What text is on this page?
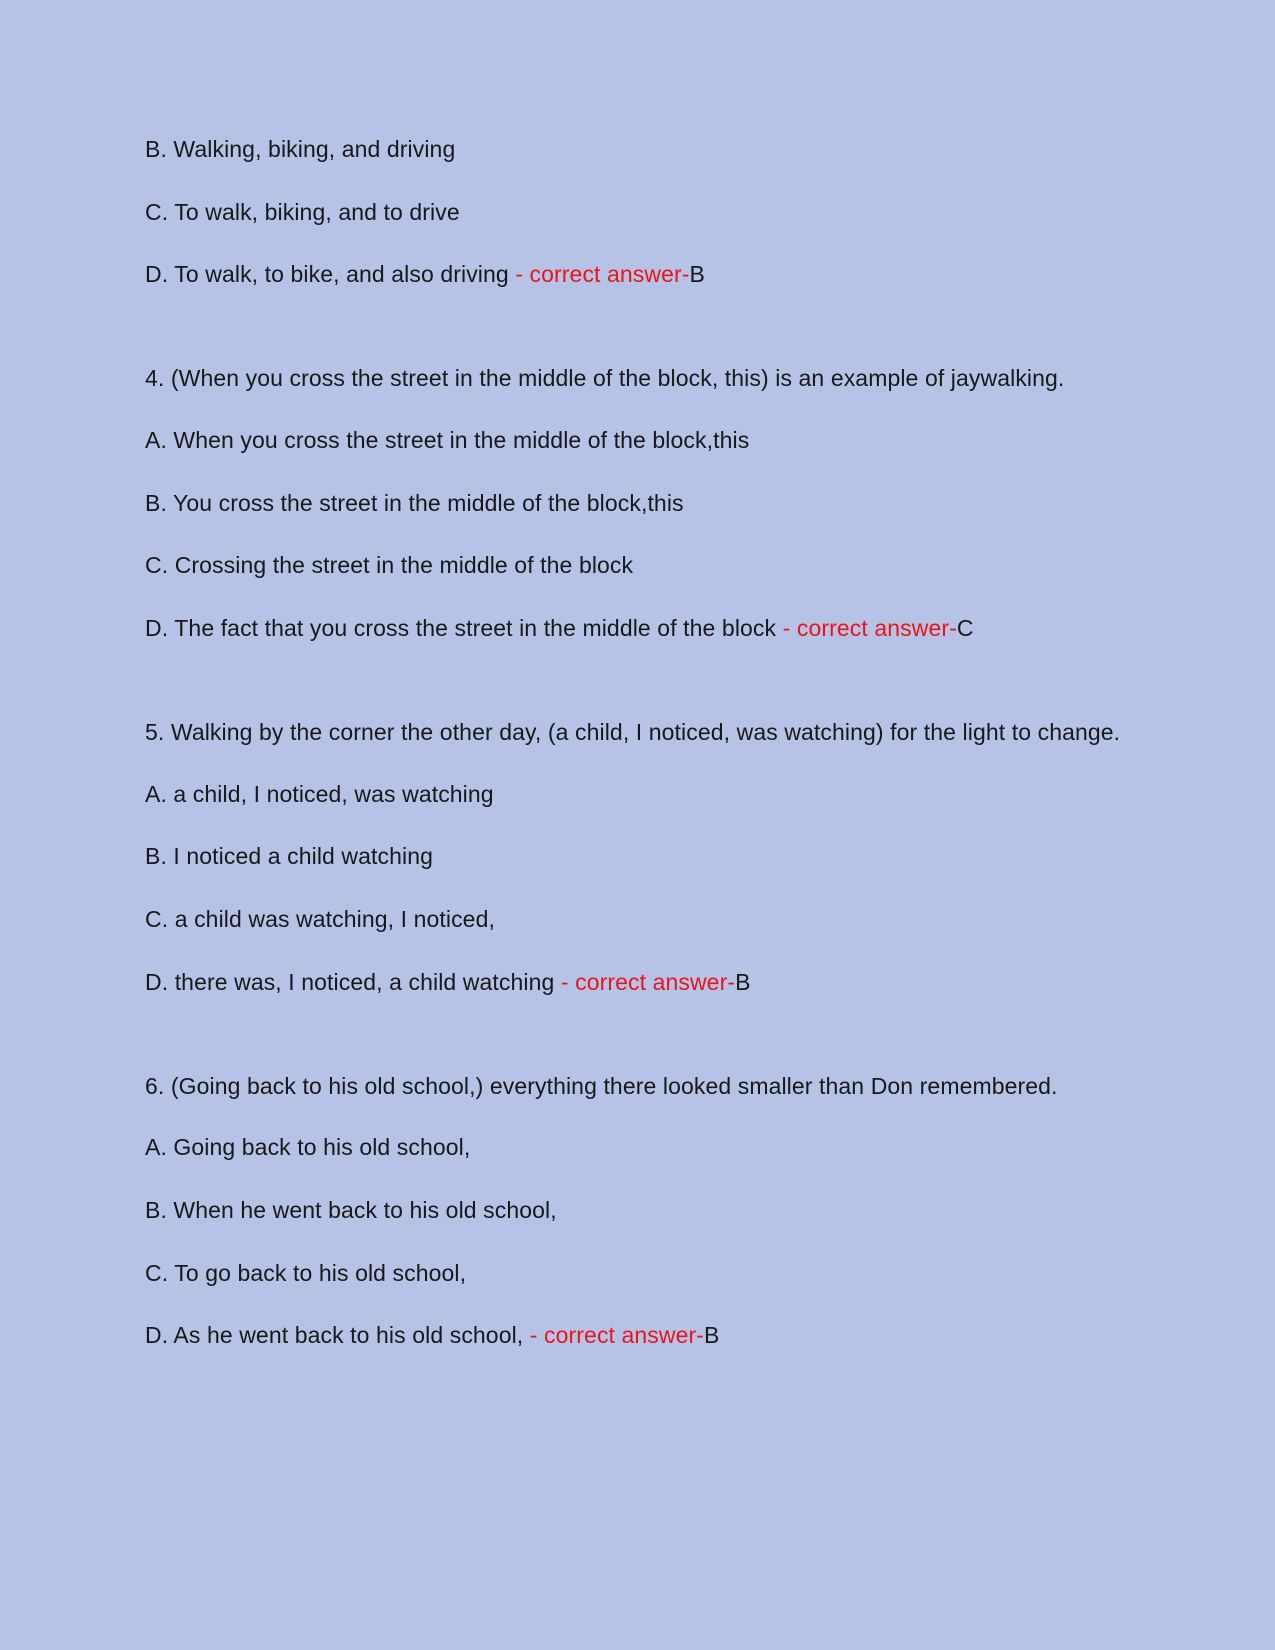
B. Walking, biking, and driving

C. To walk, biking, and to drive

D. To walk, to bike, and also driving - correct answer-B

4. (When you cross the street in the middle of the block, this) is an example of jaywalking.

A. When you cross the street in the middle of the block,this

B. You cross the street in the middle of the block,this

C. Crossing the street in the middle of the block

D. The fact that you cross the street in the middle of the block - correct answer-C

5. Walking by the corner the other day, (a child, I noticed, was watching) for the light to change.

A. a child, I noticed, was watching

B. I noticed a child watching

C. a child was watching, I noticed,

D. there was, I noticed, a child watching - correct answer-B

6. (Going back to his old school,) everything there looked smaller than Don remembered.

A. Going back to his old school,

B. When he went back to his old school,

C. To go back to his old school,

D. As he went back to his old school, - correct answer-B
